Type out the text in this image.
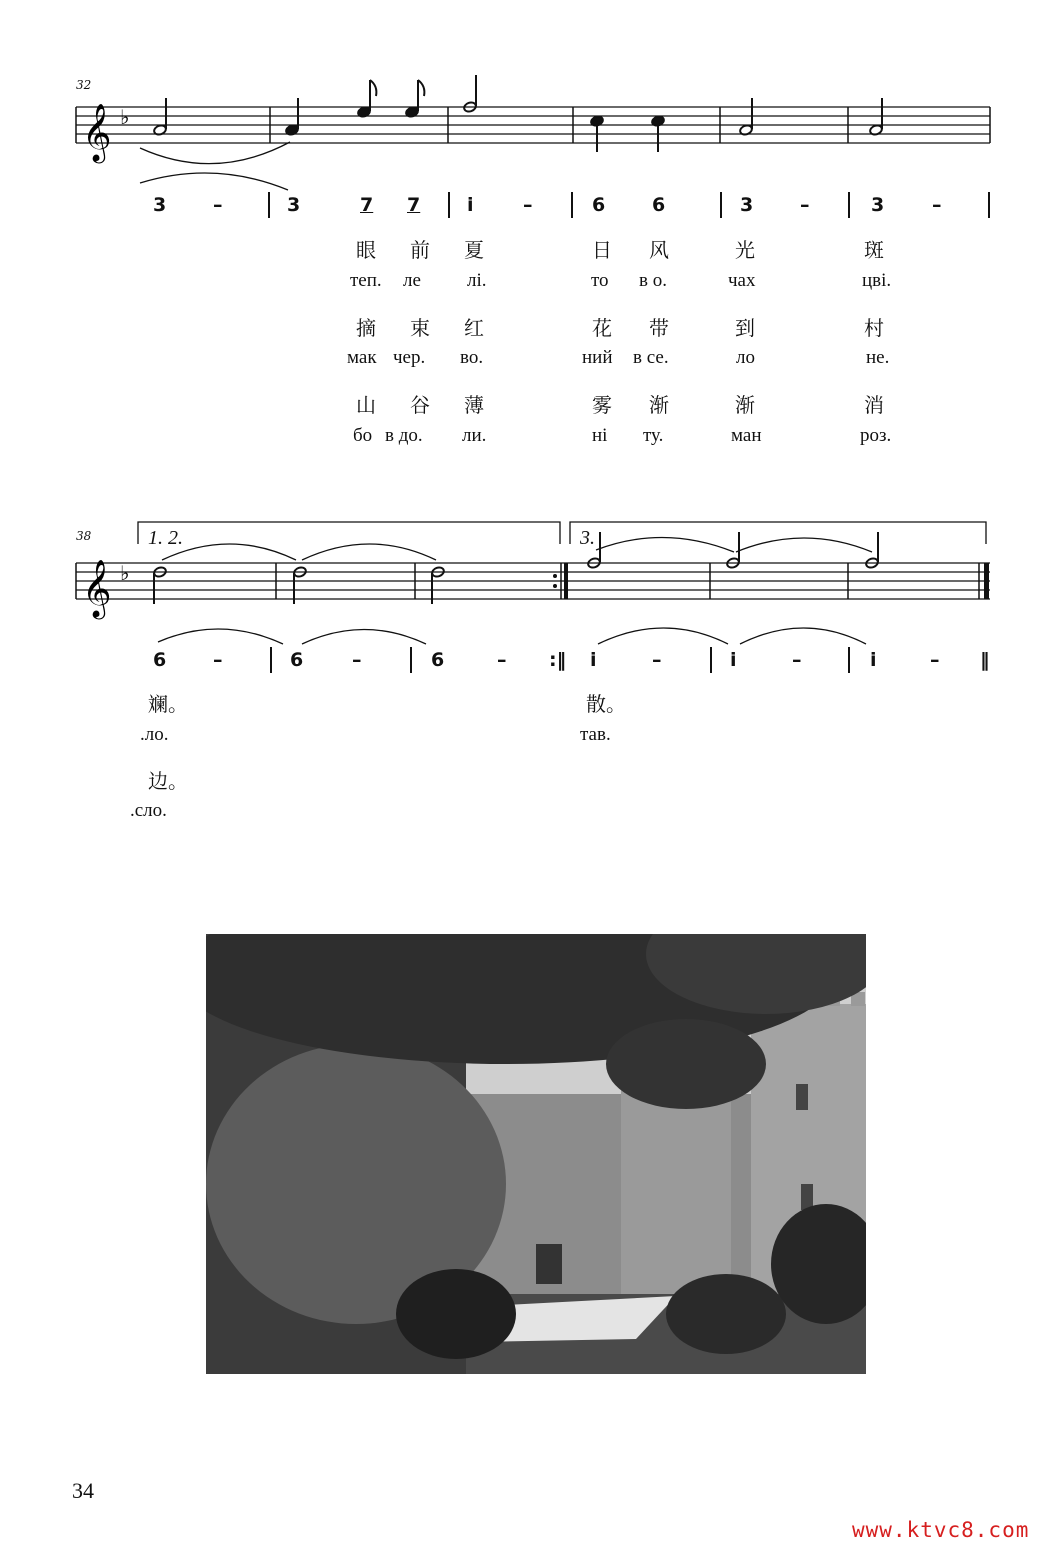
32
𝄞 ♭
3 –	3	7 7 i	–	6 6	3 –	3	–
眼 前 夏	日 风	光	斑
теп. ле лі.	то в о.	чах	цві.
摘 束 红	花 带	到	村
мак чер. во.	ний в се.	ло	не.
山 谷 薄	雾 渐	渐	消
бо в до. ли.	ні ту.	ман	роз.
38	1. 2.	3.
𝄞 ♭
6 –	6	–	6	– :‖ i	–	i	–	i	– ‖
斓。	散。
.ло.	тав.
边。
.сло.
34
www.ktvc8.com
